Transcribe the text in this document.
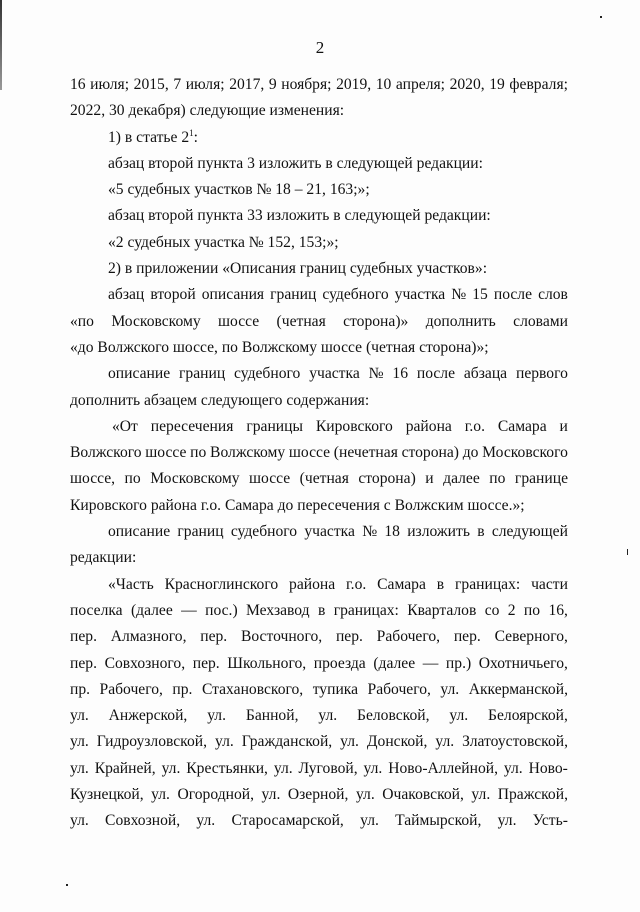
2
16 июля; 2015, 7 июля; 2017, 9 ноября; 2019, 10 апреля; 2020, 19 февраля;
2022, 30 декабря) следующие изменения:
1) в статье $2^1$:
абзац второй пункта 3 изложить в следующей редакции:
«5 судебных участков № 18 – 21, 163;»;
абзац второй пункта 33 изложить в следующей редакции:
«2 судебных участка № 152, 153;»;
2) в приложении «Описания границ судебных участков»:
абзац второй описания границ судебного участка № 15 после слов
«по Московскому шоссе (четная сторона)» дополнить словами
«до Волжского шоссе, по Волжскому шоссе (четная сторона)»;
описание границ судебного участка № 16 после абзаца первого
дополнить абзацем следующего содержания:
«От пересечения границы Кировского района г.о. Самара и
Волжского шоссе по Волжскому шоссе (нечетная сторона) до Московского
шоссе, по Московскому шоссе (четная сторона) и далее по границе
Кировского района г.о. Самара до пересечения с Волжским шоссе.»;
описание границ судебного участка № 18 изложить в следующей
редакции:
«Часть Красноглинского района г.о. Самара в границах: части
поселка (далее — пос.) Мехзавод в границах: Кварталов со 2 по 16,
пер. Алмазного, пер. Восточного, пер. Рабочего, пер. Северного,
пер. Совхозного, пер. Школьного, проезда (далее — пр.) Охотничьего,
пр. Рабочего, пр. Стахановского, тупика Рабочего, ул. Аккерманской,
ул. Анжерской, ул. Банной, ул. Беловской, ул. Белоярской,
ул. Гидроузловской, ул. Гражданской, ул. Донской, ул. Златоустовской,
ул. Крайней, ул. Крестьянки, ул. Луговой, ул. Ново-Аллейной, ул. Ново-
Кузнецкой, ул. Огородной, ул. Озерной, ул. Очаковской, ул. Пражской,
ул. Совхозной, ул. Старосамарской, ул. Таймырской, ул. Усть-
